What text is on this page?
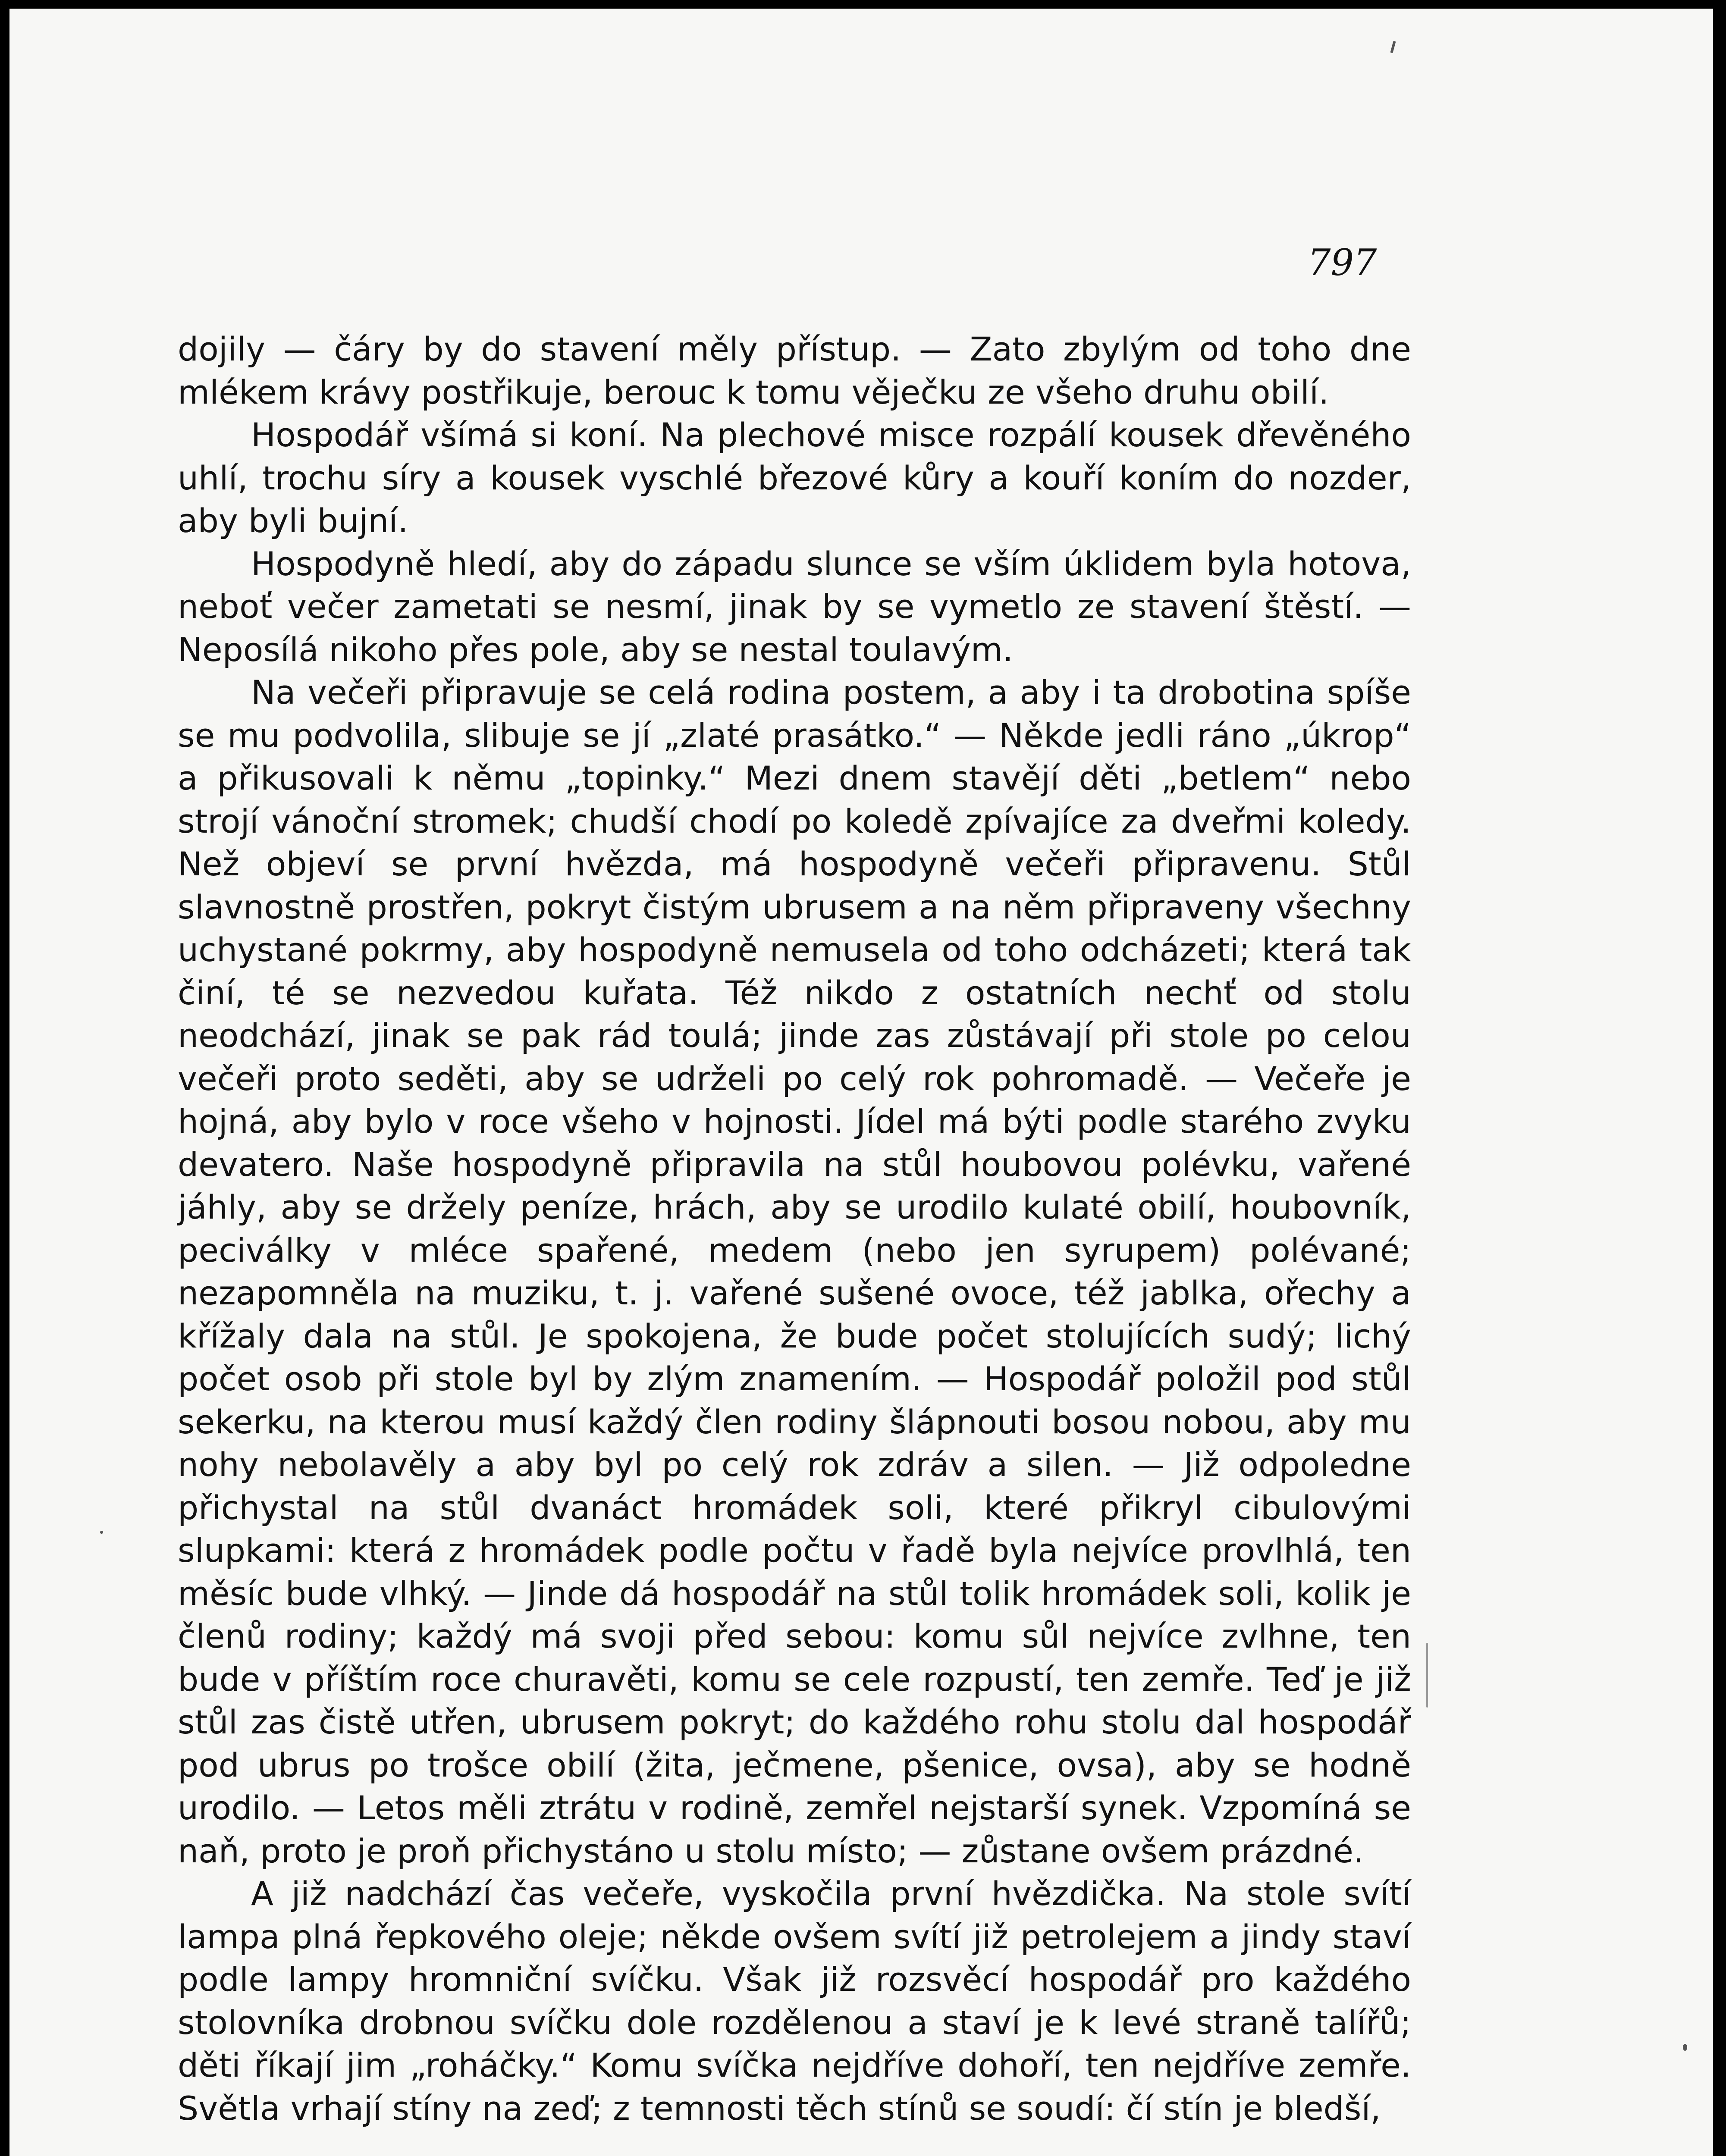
797

dojily — čáry by do stavení měly přístup. — Zato zbylým od toho dne mlékem krávy postřikuje, berouc k tomu věječku ze všeho druhu obilí.

Hospodář všímá si koní. Na plechové misce rozpálí kousek dřevěného uhlí, trochu síry a kousek vyschlé březové kůry a kouří koním do nozder, aby byli bujní.

Hospodyně hledí, aby do západu slunce se vším úklidem byla hotova, neboť večer zametati se nesmí, jinak by se vymetlo ze stavení štěstí. — Neposílá nikoho přes pole, aby se nestal toulavým.

Na večeři připravuje se celá rodina postem, a aby i ta drobotina spíše se mu podvolila, slibuje se jí „zlaté prasátko.“ — Někde jedli ráno „úkrop“ a přikusovali k němu „topinky.“ Mezi dnem stavějí děti „betlem“ nebo strojí vánoční stromek; chudší chodí po koledě zpívajíce za dveřmi koledy. Než objeví se první hvězda, má hospodyně večeři připravenu. Stůl slavnostně prostřen, pokryt čistým ubrusem a na něm připraveny všechny uchystané pokrmy, aby hospodyně nemusela od toho odcházeti; která tak činí, té se nezvedou kuřata. Též nikdo z ostatních nechť od stolu neodchází, jinak se pak rád toulá; jinde zas zůstávají při stole po celou večeři proto seděti, aby se udrželi po celý rok pohromadě. — Večeře je hojná, aby bylo v roce všeho v hojnosti. Jídel má býti podle starého zvyku devatero. Naše hospodyně připravila na stůl houbovou polévku, vařené jáhly, aby se držely peníze, hrách, aby se urodilo kulaté obilí, houbovník, peciválky v mléce spařené, medem (nebo jen syrupem) polévané; nezapomněla na muziku, t. j. vařené sušené ovoce, též jablka, ořechy a křížaly dala na stůl. Je spokojena, že bude počet stolujících sudý; lichý počet osob při stole byl by zlým znamením. — Hospodář položil pod stůl sekerku, na kterou musí každý člen rodiny šlápnouti bosou nobou, aby mu nohy nebolavěly a aby byl po celý rok zdráv a silen. — Již odpoledne přichystal na stůl dvanáct hromádek soli, které přikryl cibulovými slupkami: která z hromádek podle počtu v řadě byla nejvíce provlhlá, ten měsíc bude vlhký. — Jinde dá hospodář na stůl tolik hromádek soli, kolik je členů rodiny; každý má svoji před sebou: komu sůl nejvíce zvlhne, ten bude v příštím roce churavěti, komu se cele rozpustí, ten zemře. Teď je již stůl zas čistě utřen, ubrusem pokryt; do každého rohu stolu dal hospodář pod ubrus po trošce obilí (žita, ječmene, pšenice, ovsa), aby se hodně urodilo. — Letos měli ztrátu v rodině, zemřel nejstarší synek. Vzpomíná se naň, proto je proň přichystáno u stolu místo; — zůstane ovšem prázdné.

A již nadchází čas večeře, vyskočila první hvězdička. Na stole svítí lampa plná řepkového oleje; někde ovšem svítí již petrolejem a jindy staví podle lampy hromniční svíčku. Však již rozsvěcí hospodář pro každého stolovníka drobnou svíčku dole rozdělenou a staví je k levé straně talířů; děti říkají jim „roháčky.“ Komu svíčka nejdříve dohoří, ten nejdříve zemře. Světla vrhají stíny na zeď; z temnosti těch stínů se soudí: čí stín je bledší,
